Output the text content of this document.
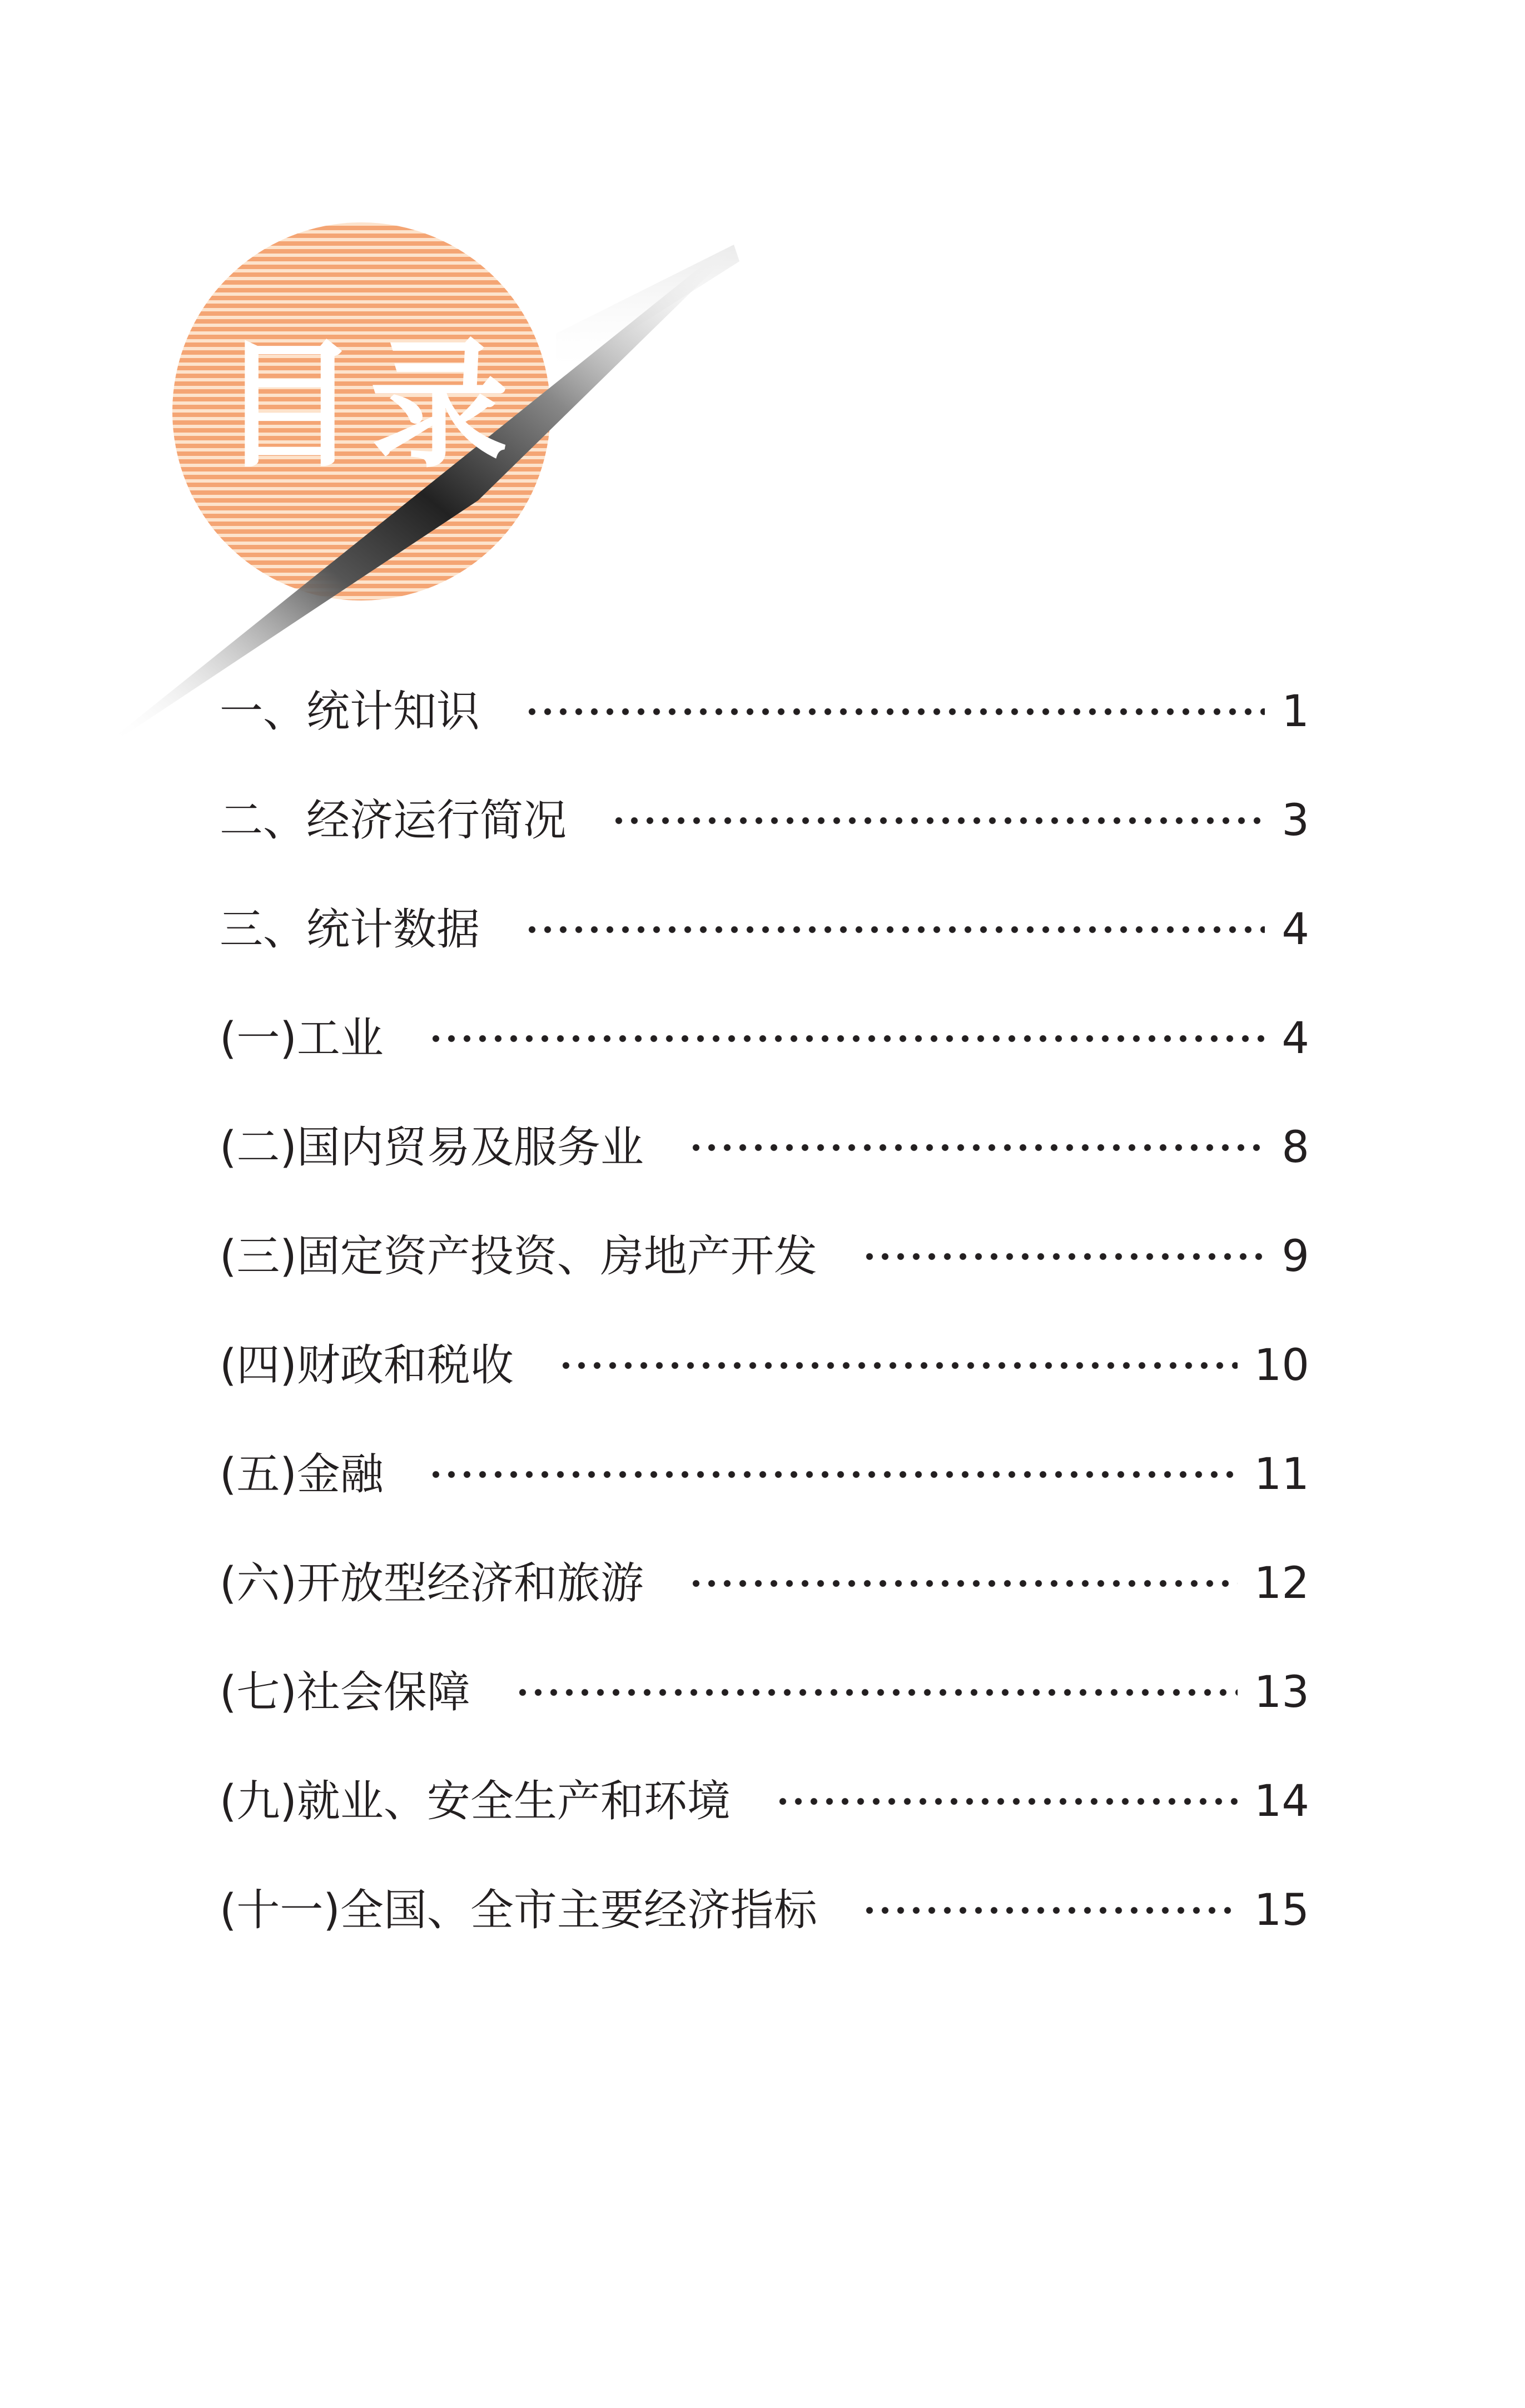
目录
一、统计知识	1
二、经济运行简况	3
三、统计数据	4
(一)工业	4
(二)国内贸易及服务业	8
(三)固定资产投资、房地产开发	9
(四)财政和税收	10
(五)金融	11
(六)开放型经济和旅游	12
(七)社会保障	13
(九)就业、安全生产和环境	14
(十一)全国、全市主要经济指标	15
